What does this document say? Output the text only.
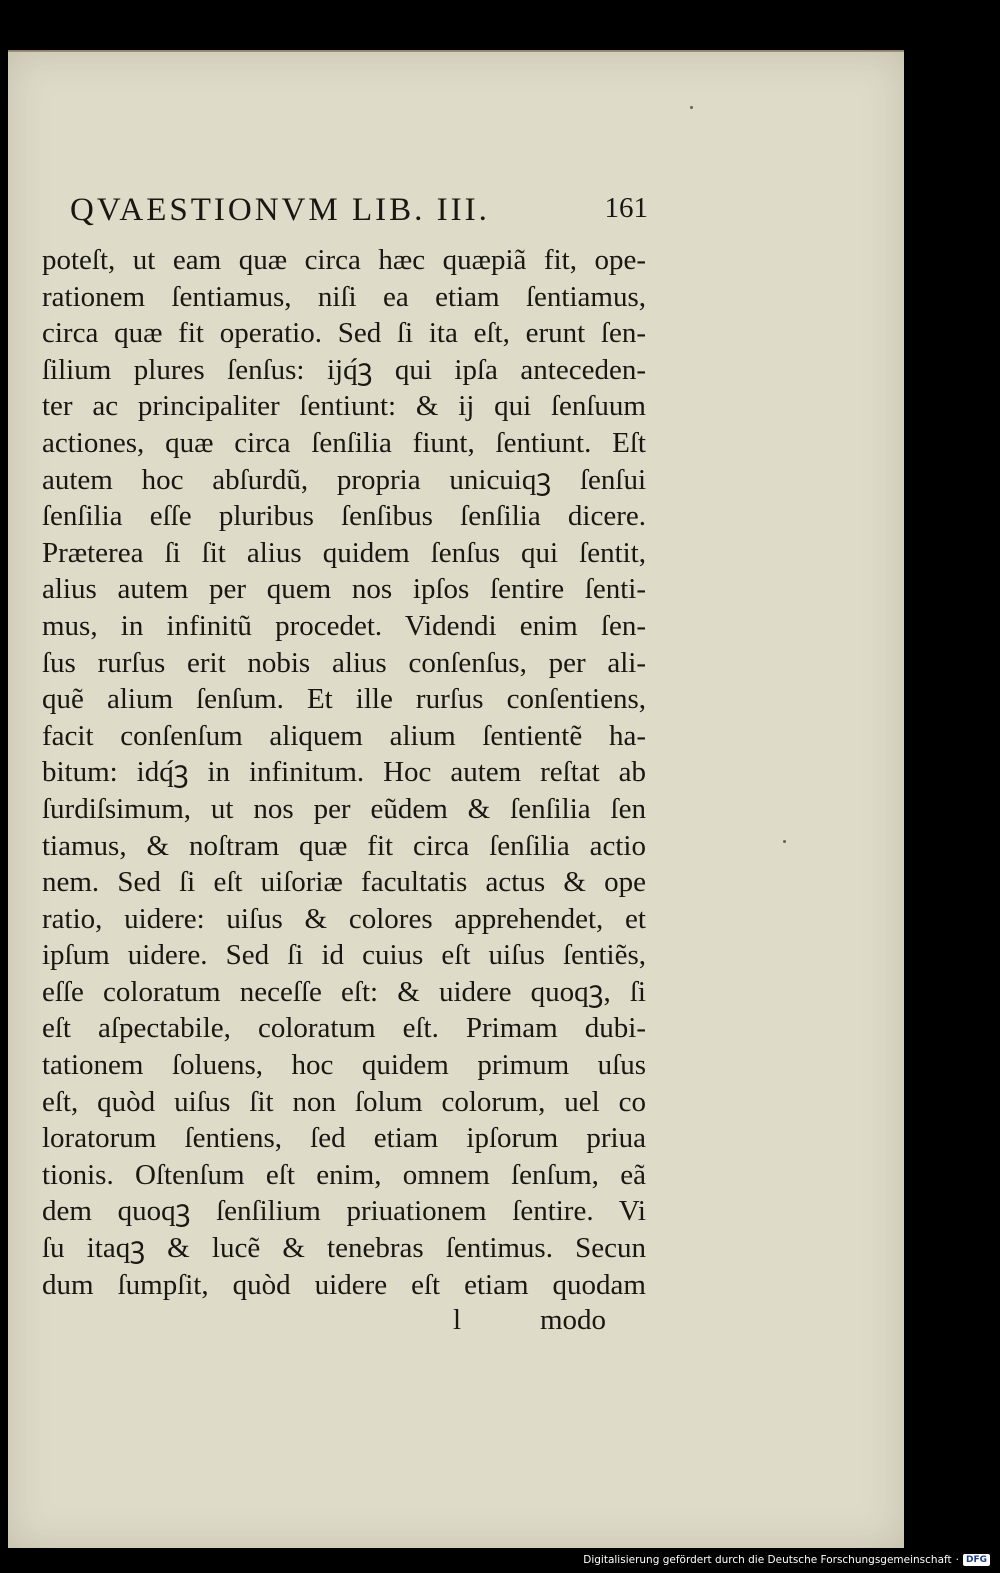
QVAESTIONVM LIB. III.	161
poteſt, ut eam quæ circa hæc quæpiã fit, ope-
rationem ſentiamus, niſi ea etiam ſentiamus,
circa quæ fit operatio. Sed ſi ita eſt, erunt ſen-
ſilium plures ſenſus: ijq́ꝫ qui ipſa anteceden-
ter ac principaliter ſentiunt: & ij qui ſenſuum
actiones, quæ circa ſenſilia fiunt, ſentiunt. Eſt
autem hoc abſurdũ, propria unicuiqꝫ ſenſui
ſenſilia eſſe pluribus ſenſibus ſenſilia dicere.
Præterea ſi ſit alius quidem ſenſus qui ſentit,
alius autem per quem nos ipſos ſentire ſenti-
mus, in infinitũ procedet. Videndi enim ſen-
ſus rurſus erit nobis alius conſenſus, per ali-
quẽ alium ſenſum. Et ille rurſus conſentiens,
facit conſenſum aliquem alium ſentientẽ ha-
bitum: idq́ꝫ in infinitum. Hoc autem reſtat ab
ſurdiſsimum, ut nos per eũdem & ſenſilia ſen
tiamus, & noſtram quæ fit circa ſenſilia actio
nem. Sed ſi eſt uiſoriæ facultatis actus & ope
ratio, uidere: uiſus & colores apprehendet, et
ipſum uidere. Sed ſi id cuius eſt uiſus ſentiẽs,
eſſe coloratum neceſſe eſt: & uidere quoqꝫ, ſi
eſt aſpectabile, coloratum eſt. Primam dubi-
tationem ſoluens, hoc quidem primum uſus
eſt, quòd uiſus ſit non ſolum colorum, uel co
loratorum ſentiens, ſed etiam ipſorum priua
tionis. Oſtenſum eſt enim, omnem ſenſum, eã
dem quoqꝫ ſenſilium priuationem ſentire. Vi
ſu itaqꝫ & lucẽ & tenebras ſentimus. Secun
dum ſumpſit, quòd uidere eſt etiam quodam
l	modo
Digitalisierung gefördert durch die Deutsche Forschungsgemeinschaft · DFG
